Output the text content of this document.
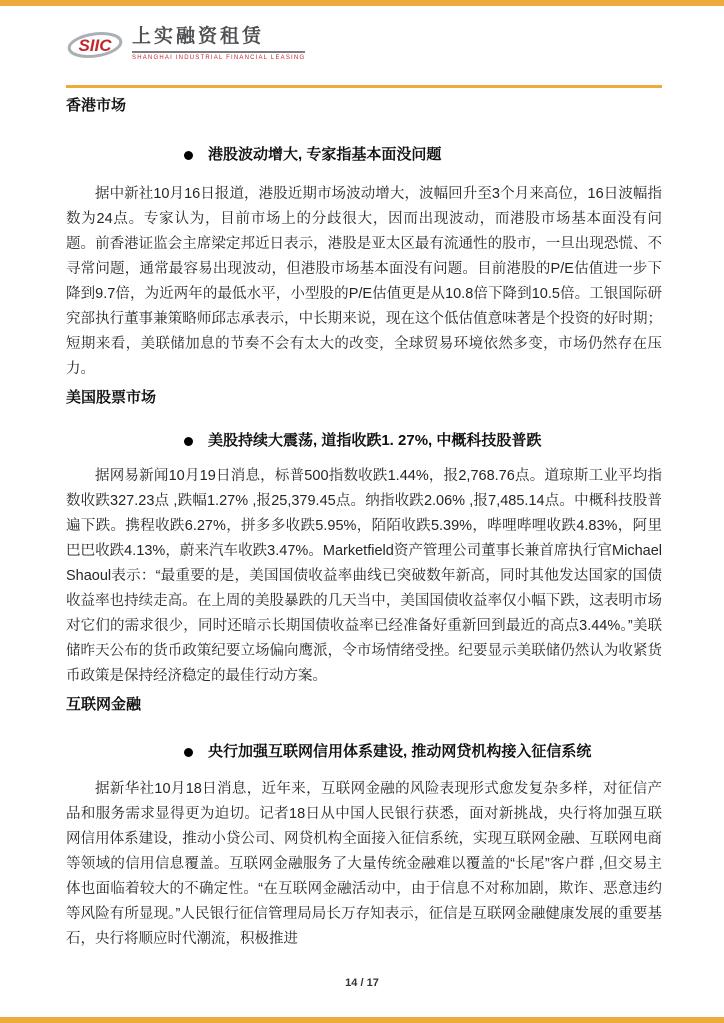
SIIC 上实融资租赁
SHANGHAI INDUSTRIAL FINANCIAL LEASING
香港市场
港股波动增大, 专家指基本面没问题
据中新社10月16日报道，港股近期市场波动增大，波幅回升至3个月来高位，16日波幅指数为24点。专家认为，目前市场上的分歧很大，因而出现波动，而港股市场基本面没有问题。前香港证监会主席梁定邦近日表示，港股是亚太区最有流通性的股市，一旦出现恐慌、不寻常问题，通常最容易出现波动，但港股市场基本面没有问题。目前港股的P/E估值进一步下降到9.7倍，为近两年的最低水平，小型股的P/E估值更是从10.8倍下降到10.5倍。工银国际研究部执行董事兼策略师邱志承表示，中长期来说，现在这个低估值意味著是个投资的好时期；短期来看，美联储加息的节奏不会有太大的改变，全球贸易环境依然多变，市场仍然存在压力。
美国股票市场
美股持续大震荡, 道指收跌1. 27%, 中概科技股普跌
据网易新闻10月19日消息，标普500指数收跌1.44%，报2,768.76点。道琼斯工业平均指数收跌327.23点 ,跌幅1.27% ,报25,379.45点。纳指收跌2.06% ,报7,485.14点。中概科技股普遍下跌。携程收跌6.27%，拼多多收跌5.95%，陌陌收跌5.39%，哔哩哔哩收跌4.83%，阿里巴巴收跌4.13%，蔚来汽车收跌3.47%。Marketfield资产管理公司董事长兼首席执行官Michael Shaoul表示：“最重要的是，美国国债收益率曲线已突破数年新高，同时其他发达国家的国债收益率也持续走高。在上周的美股暴跌的几天当中，美国国债收益率仅小幅下跌，这表明市场对它们的需求很少，同时还暗示长期国债收益率已经准备好重新回到最近的高点3.44%。”美联储昨天公布的货币政策纪要立场偏向鹰派，令市场情绪受挫。纪要显示美联储仍然认为收紧货币政策是保持经济稳定的最佳行动方案。
互联网金融
央行加强互联网信用体系建设, 推动网贷机构接入征信系统
据新华社10月18日消息，近年来，互联网金融的风险表现形式愈发复杂多样，对征信产品和服务需求显得更为迫切。记者18日从中国人民银行获悉，面对新挑战，央行将加强互联网信用体系建设，推动小贷公司、网贷机构全面接入征信系统，实现互联网金融、互联网电商等领域的信用信息覆盖。互联网金融服务了大量传统金融难以覆盖的“长尾”客户群 ,但交易主体也面临着较大的不确定性。“在互联网金融活动中，由于信息不对称加剧，欺诈、恶意违约等风险有所显现。”人民银行征信管理局局长万存知表示，征信是互联网金融健康发展的重要基石，央行将顺应时代潮流，积极推进
14 / 17
